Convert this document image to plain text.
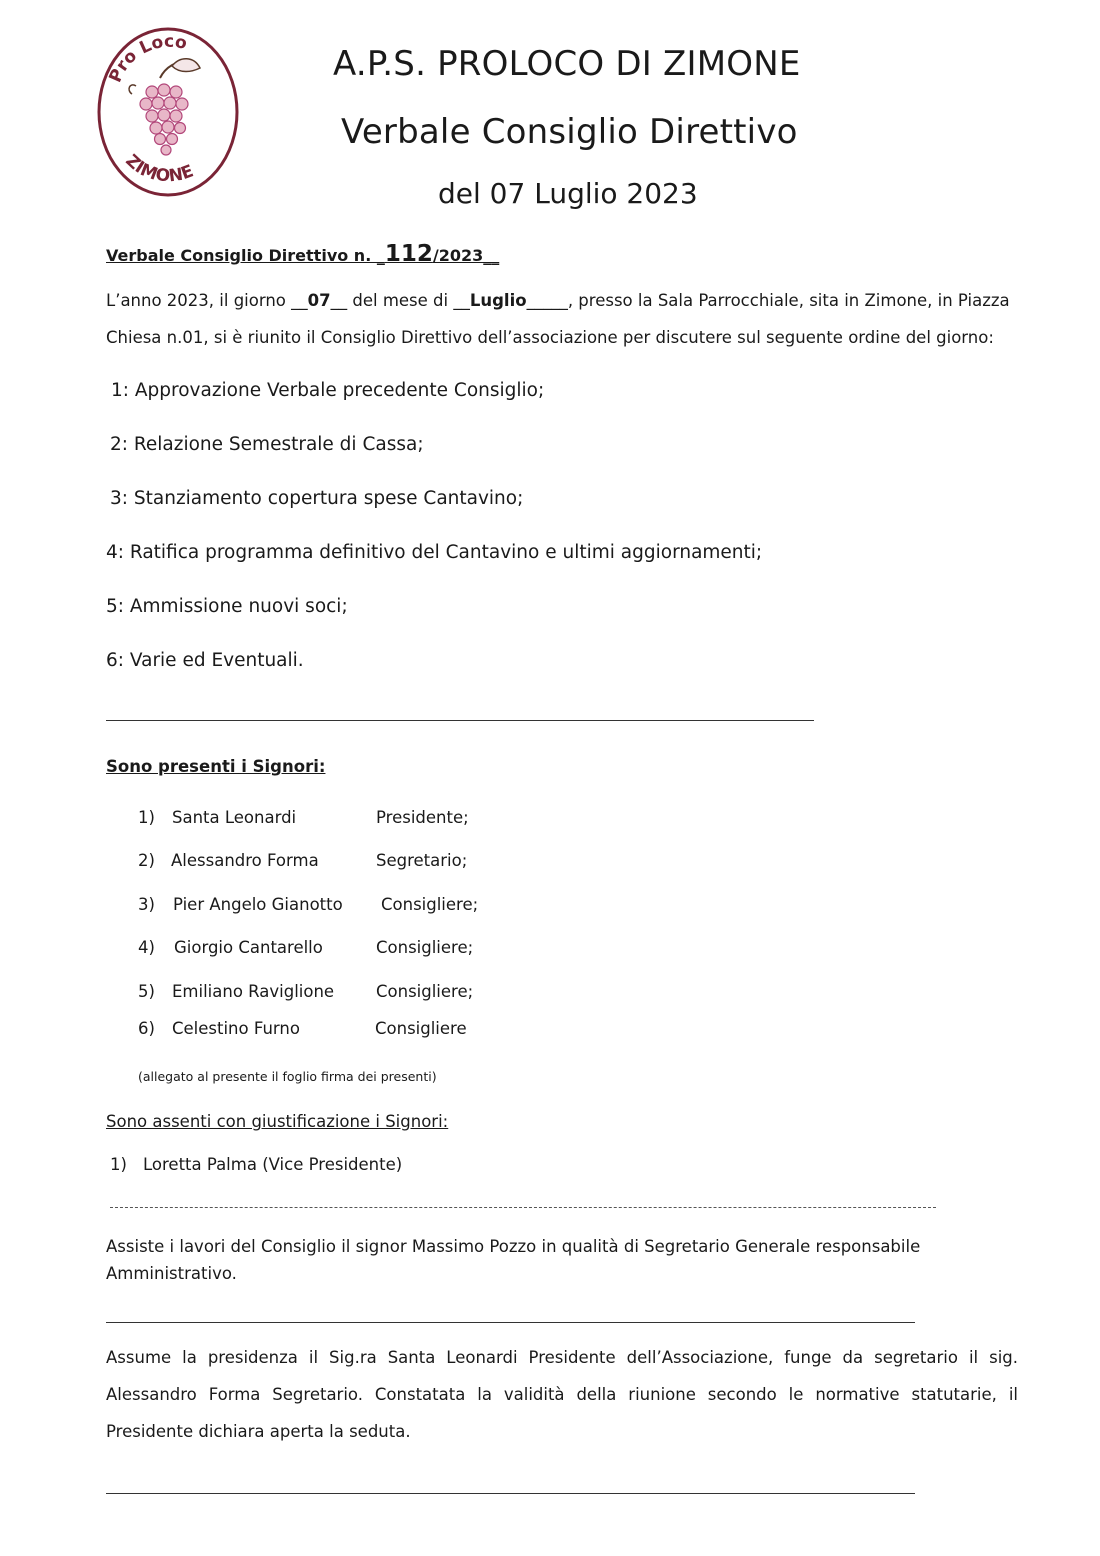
Pro Loco
ZIMONE
A.P.S. PROLOCO DI ZIMONE
Verbale Consiglio Direttivo
del 07 Luglio 2023
Verbale Consiglio Direttivo n. _112/2023__
L’anno 2023, il giorno __07__ del mese di __Luglio_____, presso la Sala Parrocchiale, sita in Zimone, in Piazza
Chiesa n.01, si è riunito il Consiglio Direttivo dell’associazione per discutere sul seguente ordine del giorno:
1: Approvazione Verbale precedente Consiglio;
2: Relazione Semestrale di Cassa;
3: Stanziamento copertura spese Cantavino;
4: Ratifica programma definitivo del Cantavino e ultimi aggiornamenti;
5: Ammissione nuovi soci;
6: Varie ed Eventuali.
Sono presenti i Signori:
1) Santa Leonardi	Presidente;
2) Alessandro Forma	Segretario;
3) Pier Angelo Gianotto Consigliere;
4) Giorgio Cantarello	Consigliere;
5) Emiliano Raviglione	Consigliere;
6) Celestino Furno	Consigliere
(allegato al presente il foglio firma dei presenti)
Sono assenti con giustificazione i Signori:
1) Loretta Palma (Vice Presidente)
Assiste i lavori del Consiglio il signor Massimo Pozzo in qualità di Segretario Generale responsabile
Amministrativo.
Assume la presidenza il Sig.ra Santa Leonardi Presidente dell’Associazione, funge da segretario il sig. Alessandro Forma Segretario. Constatata la validità della riunione secondo le normative statutarie, il Presidente dichiara aperta la seduta.
